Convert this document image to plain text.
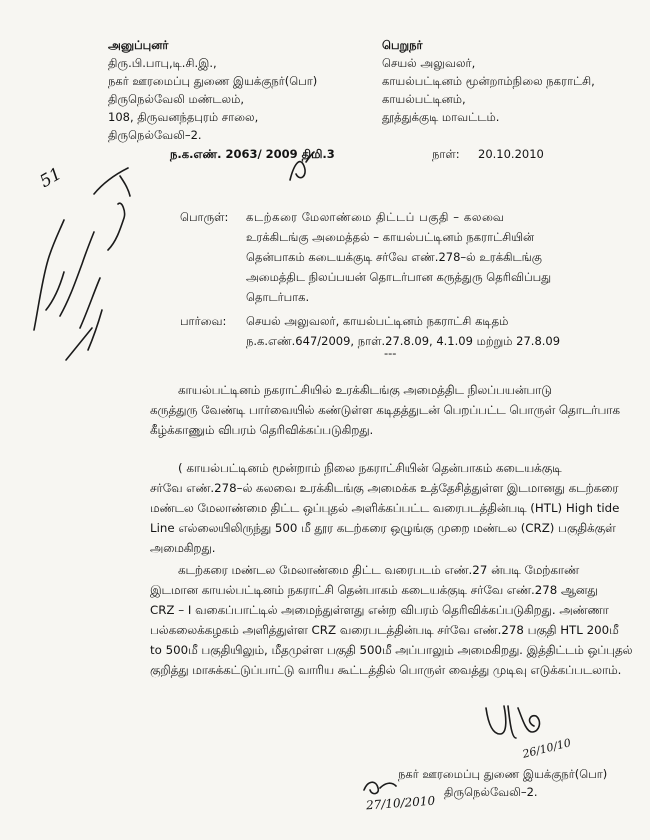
அனுப்புனர்
திரு.பி.பாபு,டி.சி.இ.,
நகர் ஊரமைப்பு துணை இயக்குநர்(பொ)
திருநெல்வேலி மண்டலம்,
108, திருவனந்தபுரம் சாலை,
திருநெல்வேலி–2.
பெறுநர்
செயல் அலுவலர்,
காயல்பட்டினம் மூன்றாம்நிலை நகராட்சி,
காயல்பட்டினம்,
தூத்துக்குடி மாவட்டம்.
ந.க.எண். 2063/ 2009 திமி.3	நாள்: 20.10.2010
பொருள்: கடற்கரை மேலாண்மை திட்டப் பகுதி – கலவை
உரக்கிடங்கு அமைத்தல் – காயல்பட்டினம் நகராட்சியின்
தென்பாகம் கடையக்குடி சர்வே எண்.278–ல் உரக்கிடங்கு
அமைத்திட நிலப்பயன் தொடர்பான கருத்துரு தெரிவிப்பது
தொடர்பாக.
பார்வை: செயல் அலுவலர், காயல்பட்டினம் நகராட்சி கடிதம்
ந.க.எண்.647/2009, நாள்.27.8.09, 4.1.09 மற்றும் 27.8.09
---
காயல்பட்டினம் நகராட்சியில் உரக்கிடங்கு அமைத்திட நிலப்பயன்பாடு
கருத்துரு வேண்டி பார்வையில் கண்டுள்ள கடிதத்துடன் பெறப்பட்ட பொருள் தொடர்பாக
கீழ்க்காணும் விபரம் தெரிவிக்கப்படுகிறது.
( காயல்பட்டினம் மூன்றாம் நிலை நகராட்சியின் தென்பாகம் கடையக்குடி
சர்வே எண்.278–ல் கலவை உரக்கிடங்கு அமைக்க உத்தேசித்துள்ள இடமானது கடற்கரை
மண்டல மேலாண்மை திட்ட ஒப்புதல் அளிக்கப்பட்ட வரைபடத்தின்படி (HTL) High tide
Line எல்லையிலிருந்து 500 மீ தூர கடற்கரை ஒழுங்கு முறை மண்டல (CRZ) பகுதிக்குள்
அமைகிறது.
கடற்கரை மண்டல மேலாண்மை திட்ட வரைபடம் எண்.27 ன்படி மேற்காண்
இடமான காயல்பட்டினம் நகராட்சி தென்பாகம் கடையக்குடி சர்வே எண்.278 ஆனது
CRZ – I வகைப்பாட்டில் அமைந்துள்ளது என்ற விபரம் தெரிவிக்கப்படுகிறது. அண்ணா
பல்கலைக்கழகம் அளித்துள்ள CRZ வரைபடத்தின்படி சர்வே எண்.278 பகுதி HTL 200மீ
to 500மீ பகுதியிலும், மீதமுள்ள பகுதி 500மீ அப்பாலும் அமைகிறது. இத்திட்டம் ஒப்புதல்
குறித்து மாசுக்கட்டுப்பாட்டு வாரிய கூட்டத்தில் பொருள் வைத்து முடிவு எடுக்கப்படலாம்.
26/10/10
நகர் ஊரமைப்பு துணை இயக்குநர்(பொ)
திருநெல்வேலி–2.
51
27/10/2010
